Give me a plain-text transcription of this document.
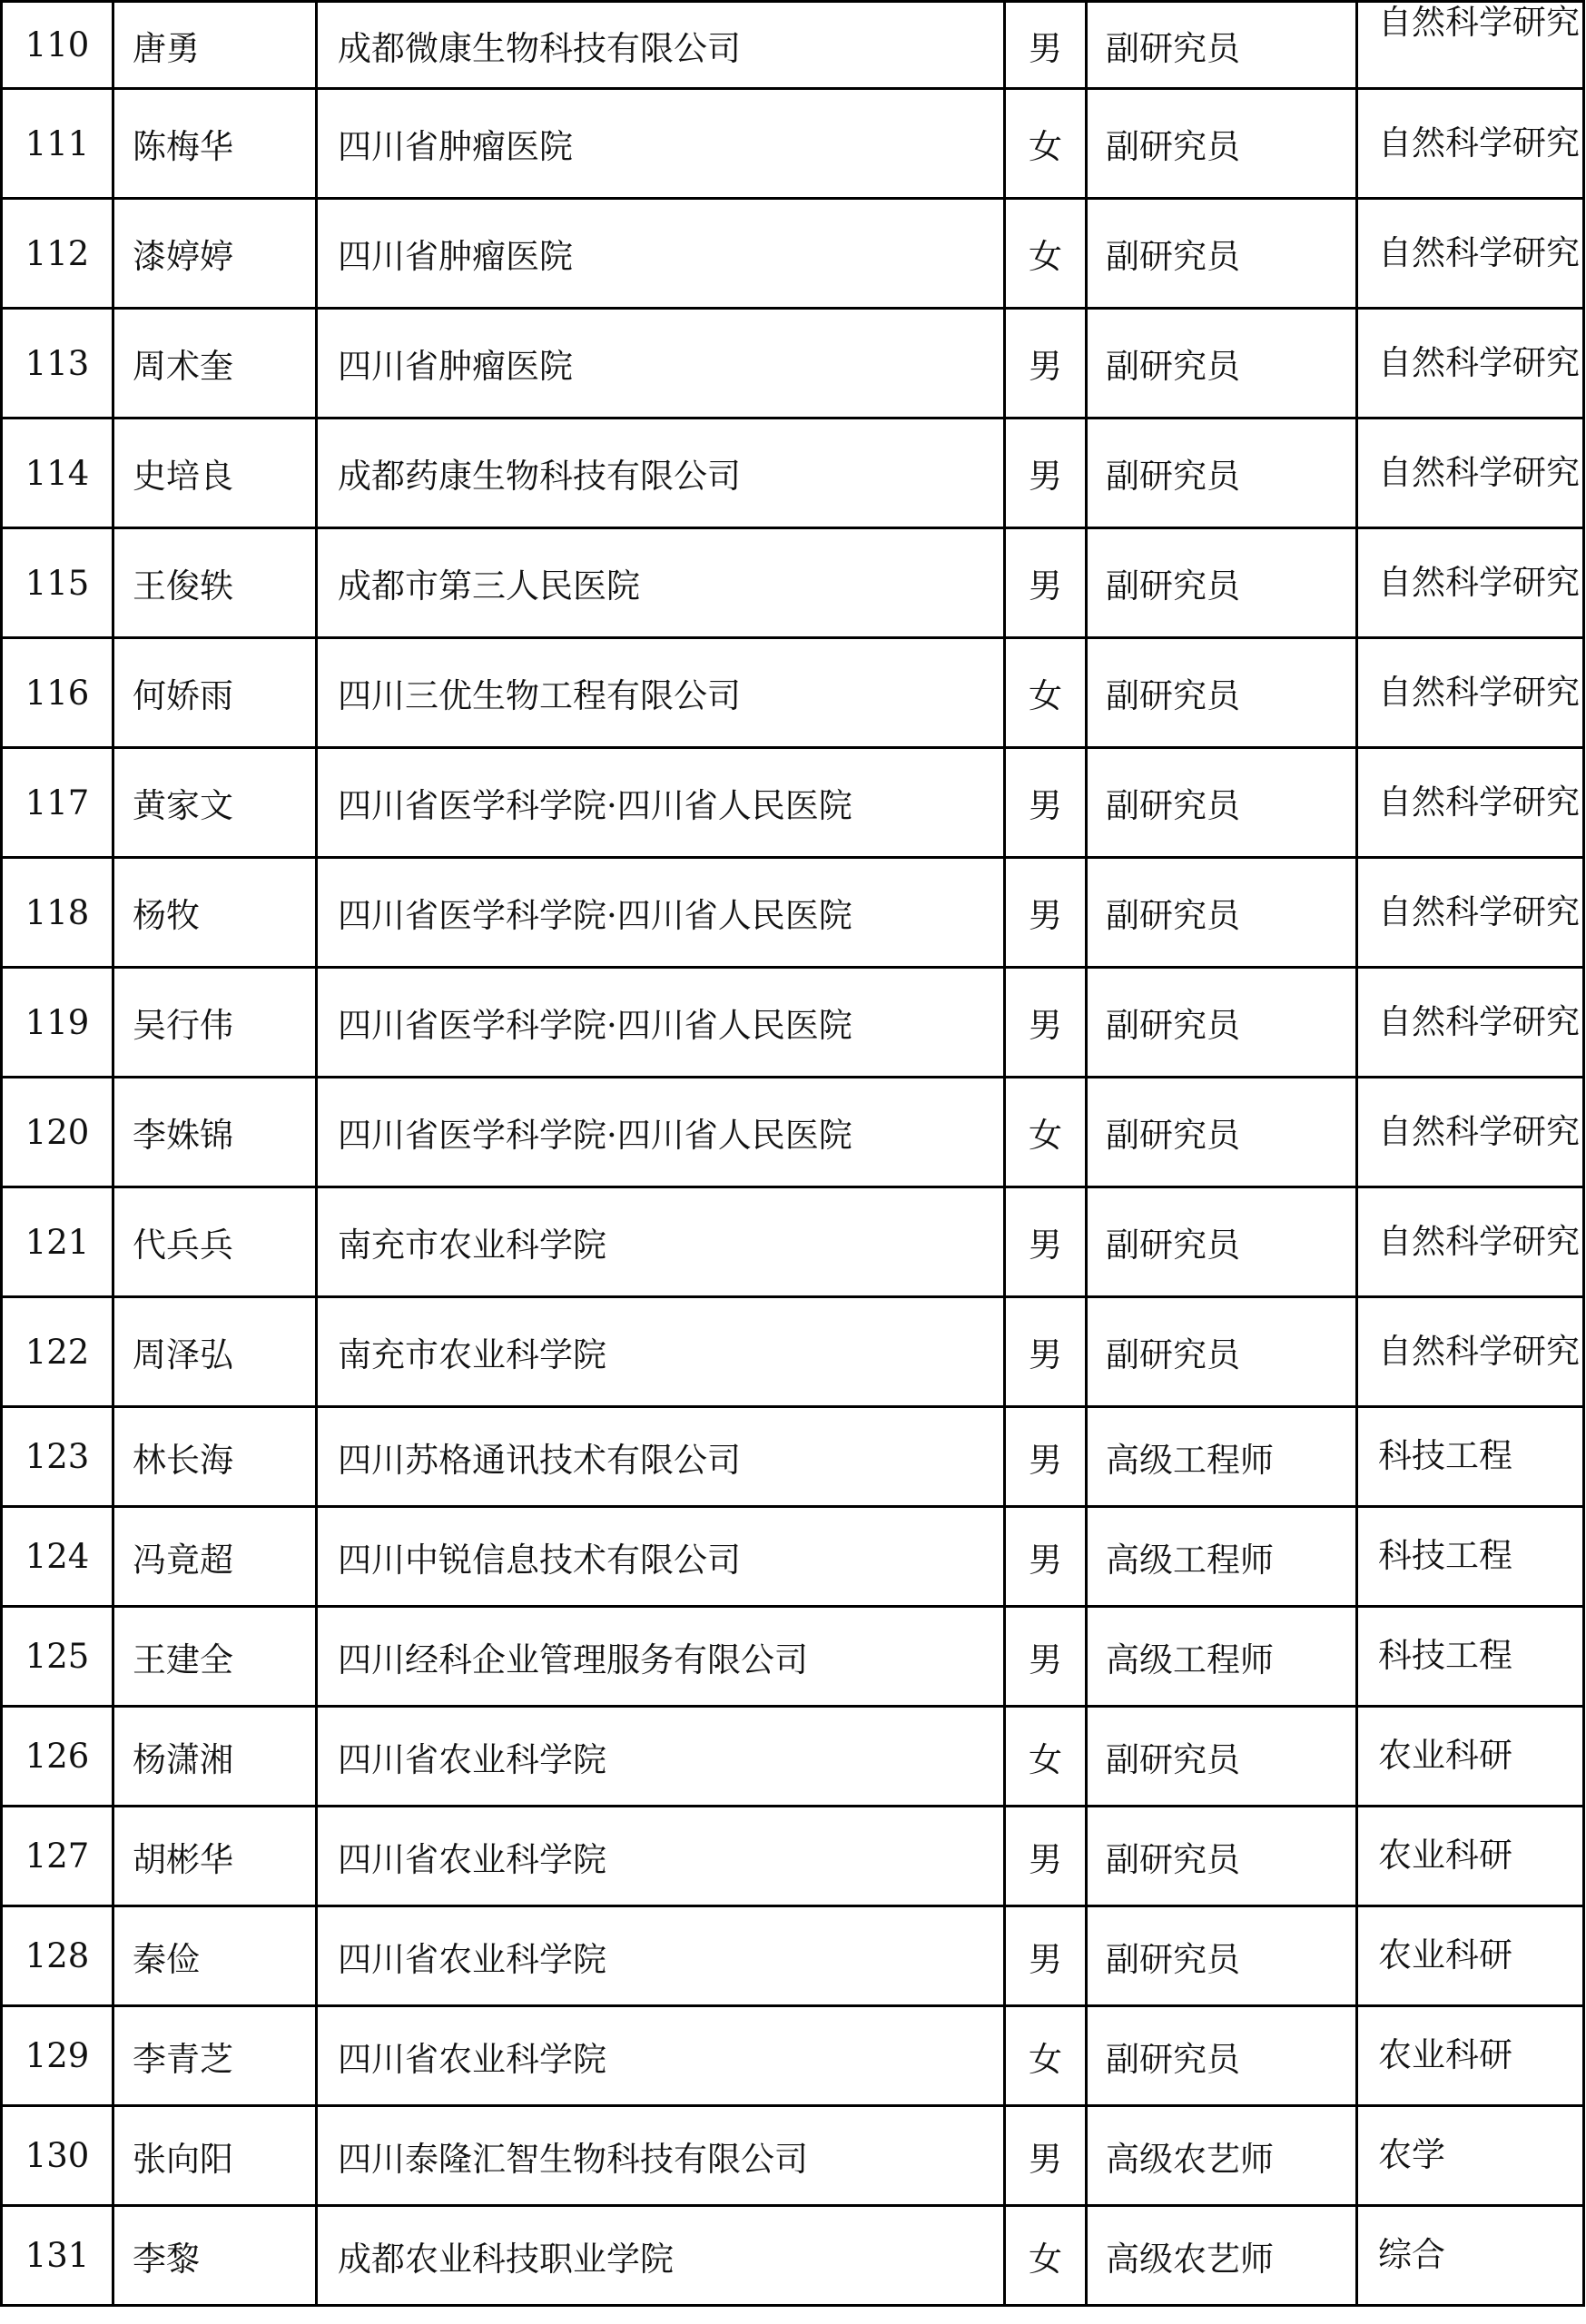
110	唐勇	成都微康生物科技有限公司	男	副研究员	自然科学研究
111	陈梅华	四川省肿瘤医院	女	副研究员	自然科学研究
112	漆婷婷	四川省肿瘤医院	女	副研究员	自然科学研究
113	周术奎	四川省肿瘤医院	男	副研究员	自然科学研究
114	史培良	成都药康生物科技有限公司	男	副研究员	自然科学研究
115	王俊轶	成都市第三人民医院	男	副研究员	自然科学研究
116	何娇雨	四川三优生物工程有限公司	女	副研究员	自然科学研究
117	黄家文	四川省医学科学院·四川省人民医院	男	副研究员	自然科学研究
118	杨牧	四川省医学科学院·四川省人民医院	男	副研究员	自然科学研究
119	吴行伟	四川省医学科学院·四川省人民医院	男	副研究员	自然科学研究
120	李姝锦	四川省医学科学院·四川省人民医院	女	副研究员	自然科学研究
121	代兵兵	南充市农业科学院	男	副研究员	自然科学研究
122	周泽弘	南充市农业科学院	男	副研究员	自然科学研究
123	林长海	四川苏格通讯技术有限公司	男	高级工程师	科技工程
124	冯竟超	四川中锐信息技术有限公司	男	高级工程师	科技工程
125	王建全	四川经科企业管理服务有限公司	男	高级工程师	科技工程
126	杨潇湘	四川省农业科学院	女	副研究员	农业科研
127	胡彬华	四川省农业科学院	男	副研究员	农业科研
128	秦俭	四川省农业科学院	男	副研究员	农业科研
129	李青芝	四川省农业科学院	女	副研究员	农业科研
130	张向阳	四川泰隆汇智生物科技有限公司	男	高级农艺师	农学
131	李黎	成都农业科技职业学院	女	高级农艺师	综合
